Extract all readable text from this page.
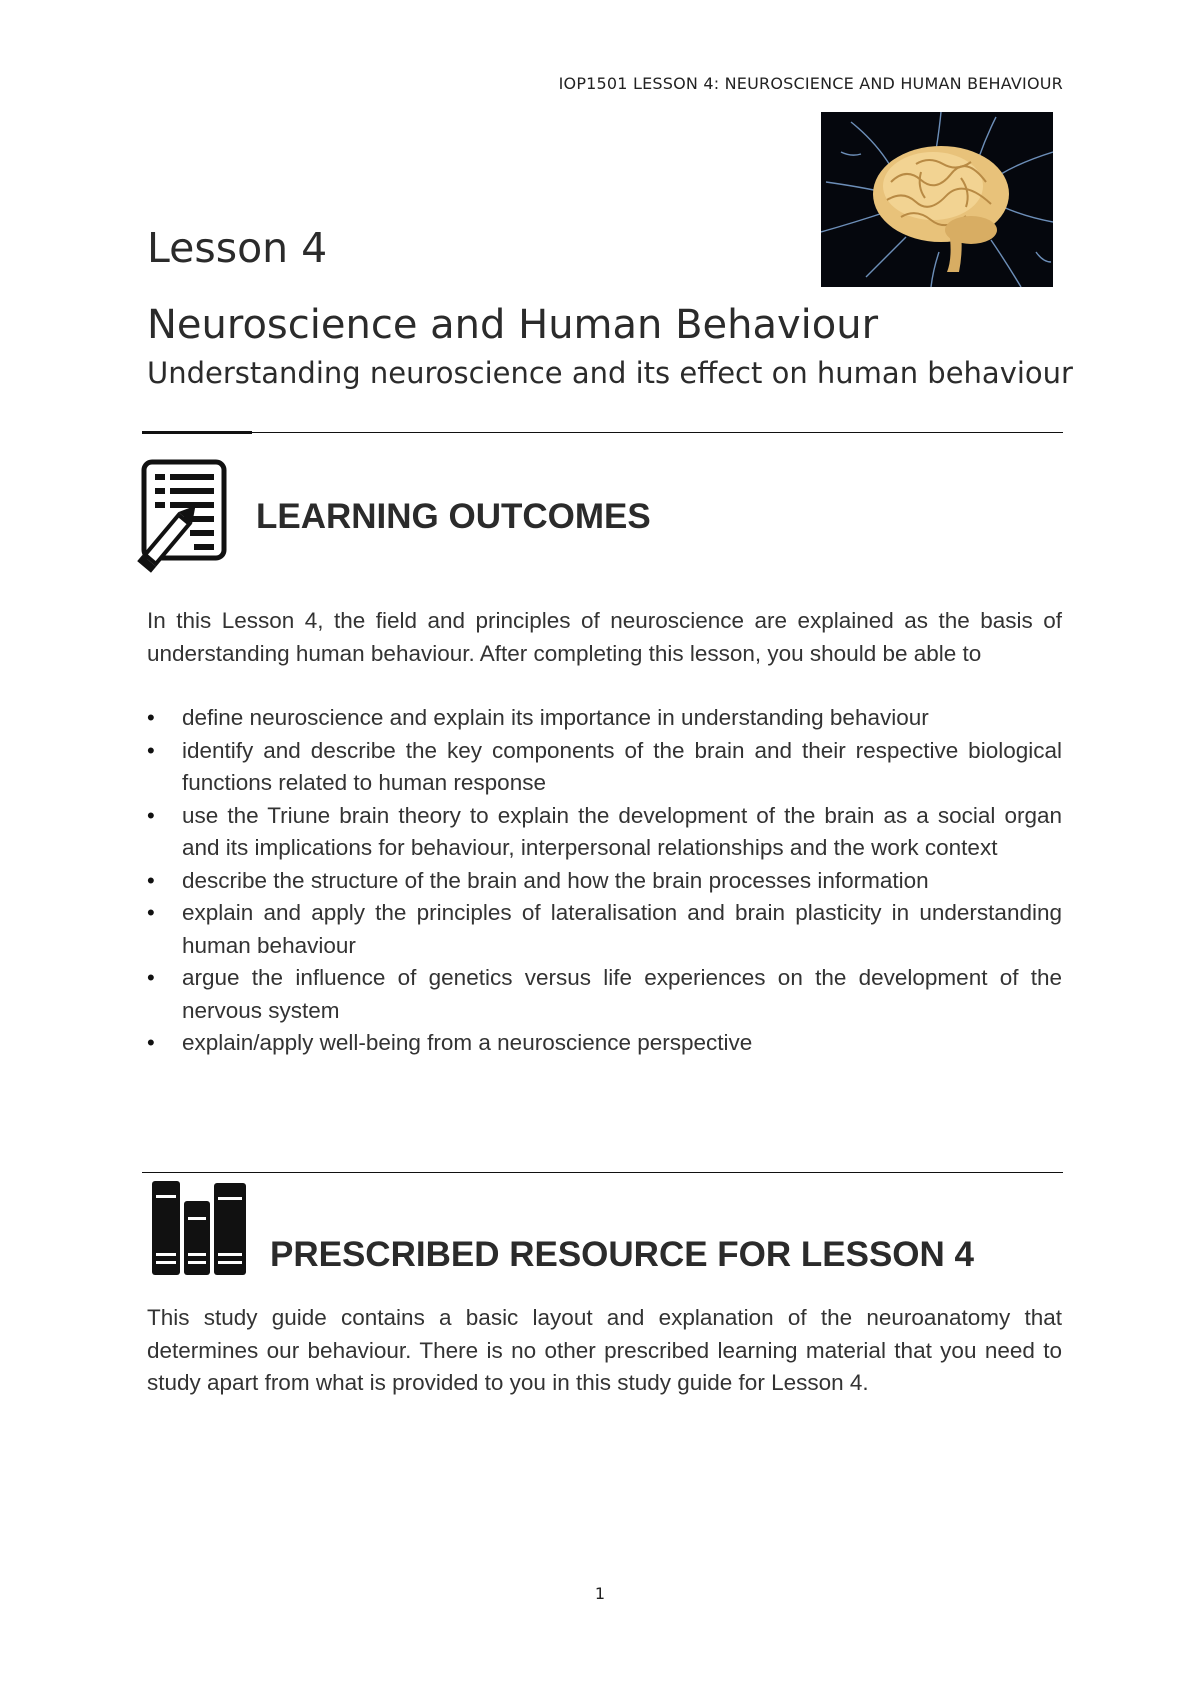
IOP1501 LESSON 4: NEUROSCIENCE AND HUMAN BEHAVIOUR
Lesson 4
Neuroscience and Human Behaviour
Understanding neuroscience and its effect on human behaviour
LEARNING OUTCOMES
In this Lesson 4, the field and principles of neuroscience are explained as the basis of understanding human behaviour. After completing this lesson, you should be able to
• define neuroscience and explain its importance in understanding behaviour
• identify and describe the key components of the brain and their respective biological functions related to human response
• use the Triune brain theory to explain the development of the brain as a social organ and its implications for behaviour, interpersonal relationships and the work context
• describe the structure of the brain and how the brain processes information
• explain and apply the principles of lateralisation and brain plasticity in understanding human behaviour
• argue the influence of genetics versus life experiences on the development of the nervous system
• explain/apply well-being from a neuroscience perspective
PRESCRIBED RESOURCE FOR LESSON 4
This study guide contains a basic layout and explanation of the neuroanatomy that determines our behaviour. There is no other prescribed learning material that you need to study apart from what is provided to you in this study guide for Lesson 4.
1
